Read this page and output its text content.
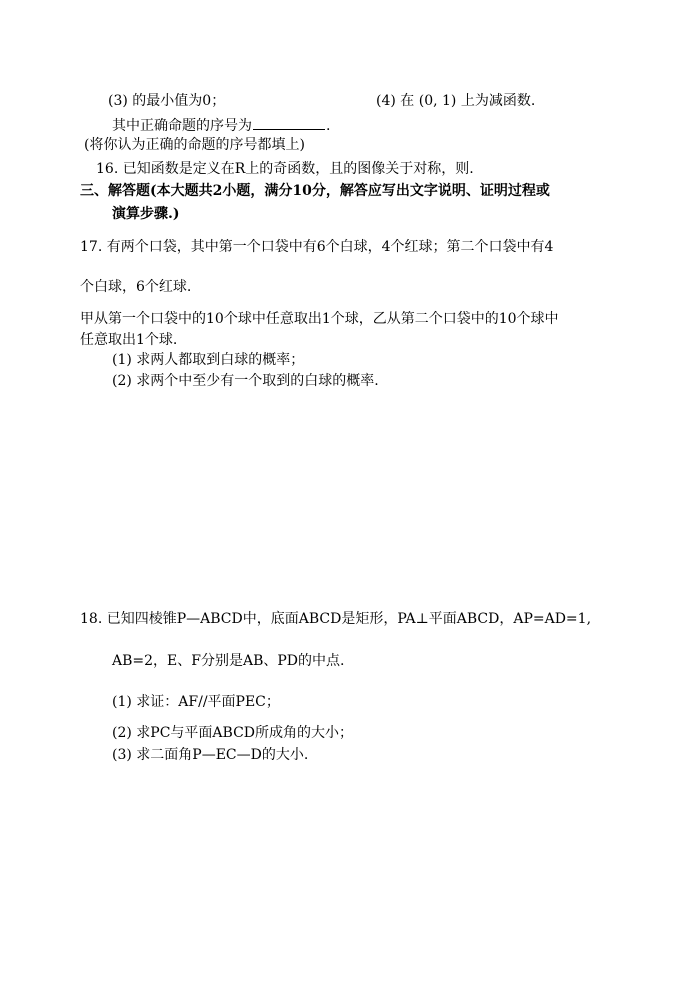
(3) 的最小值为0；	(4) 在 (0, 1) 上为减函数.
其中正确命题的序号为	.
(将你认为正确的命题的序号都填上)
16. 已知函数是定义在R上的奇函数，且的图像关于对称，则.
三、解答题(本大题共2小题，满分10分，解答应写出文字说明、证明过程或
演算步骤.)
17. 有两个口袋，其中第一个口袋中有6个白球，4个红球；第二个口袋中有4
个白球，6个红球.
甲从第一个口袋中的10个球中任意取出1个球，乙从第二个口袋中的10个球中
任意取出1个球.
(1) 求两人都取到白球的概率；
(2) 求两个中至少有一个取到的白球的概率.
18. 已知四棱锥P—ABCD中，底面ABCD是矩形，PA⊥平面ABCD，AP=AD=1,
AB=2，E、F分别是AB、PD的中点.
(1) 求证：AF//平面PEC；
(2) 求PC与平面ABCD所成角的大小；
(3) 求二面角P—EC—D的大小.
